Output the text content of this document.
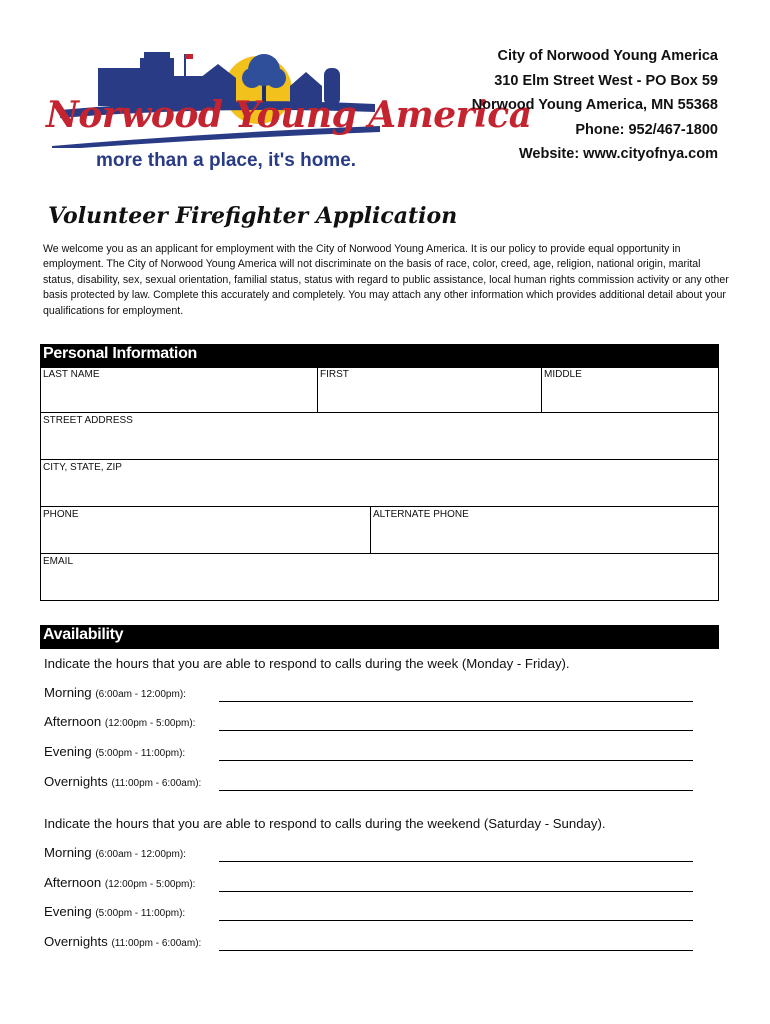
Norwood Young America
more than a place, it's home.
City of Norwood Young America
310 Elm Street West - PO Box 59
Norwood Young America, MN 55368
Phone: 952/467-1800
Website: www.cityofnya.com
Volunteer Firefighter Application
We welcome you as an applicant for employment with the City of Norwood Young America. It is our policy to provide equal opportunity in employment. The City of Norwood Young America will not discriminate on the basis of race, color, creed, age, religion, national origin, marital status, disability, sex, sexual orientation, familial status, status with regard to public assistance, local human rights commission activity or any other basis protected by law. Complete this accurately and completely. You may attach any other information which provides additional detail about your qualifications for employment.
Personal Information
LAST NAME	FIRST	MIDDLE
STREET ADDRESS
CITY, STATE, ZIP
PHONE	ALTERNATE PHONE
EMAIL
Availability
Indicate the hours that you are able to respond to calls during the week (Monday - Friday).
Morning (6:00am - 12:00pm):
Afternoon (12:00pm - 5:00pm):
Evening (5:00pm - 11:00pm):
Overnights (11:00pm - 6:00am):
Indicate the hours that you are able to respond to calls during the weekend (Saturday - Sunday).
Morning (6:00am - 12:00pm):
Afternoon (12:00pm - 5:00pm):
Evening (5:00pm - 11:00pm):
Overnights (11:00pm - 6:00am):
